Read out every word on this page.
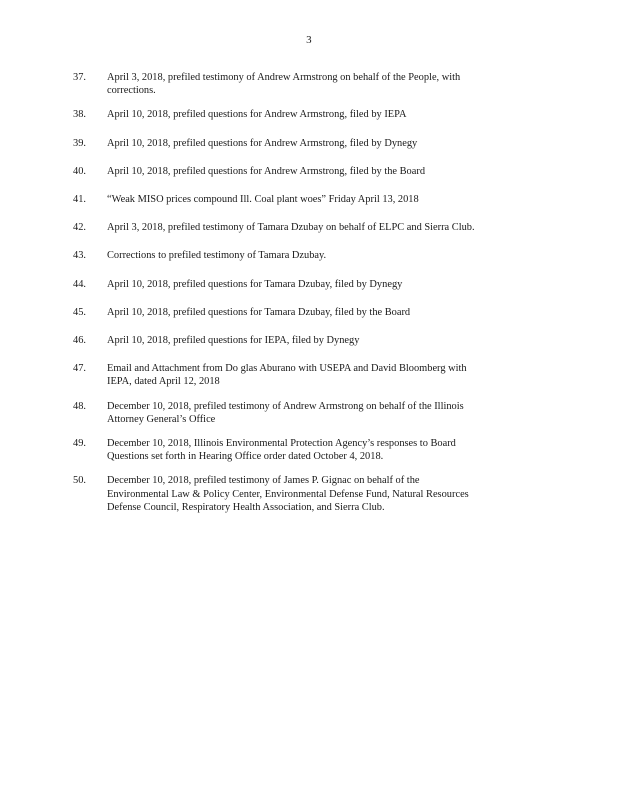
3
37.	April 3, 2018, prefiled testimony of Andrew Armstrong on behalf of the People, with
corrections.
38.	April 10, 2018, prefiled questions for Andrew Armstrong, filed by IEPA
39.	April 10, 2018, prefiled questions for Andrew Armstrong, filed by Dynegy
40.	April 10, 2018, prefiled questions for Andrew Armstrong, filed by the Board
41.	“Weak MISO prices compound Ill. Coal plant woes” Friday April 13, 2018
42.	April 3, 2018, prefiled testimony of Tamara Dzubay on behalf of ELPC and Sierra Club.
43.	Corrections to prefiled testimony of Tamara Dzubay.
44.	April 10, 2018, prefiled questions for Tamara Dzubay, filed by Dynegy
45.	April 10, 2018, prefiled questions for Tamara Dzubay, filed by the Board
46.	April 10, 2018, prefiled questions for IEPA, filed by Dynegy
47.	Email and Attachment from Do glas Aburano with USEPA and David Bloomberg with
IEPA, dated April 12, 2018
48.	December 10, 2018, prefiled testimony of Andrew Armstrong on behalf of the Illinois
Attorney General’s Office
49.	December 10, 2018, Illinois Environmental Protection Agency’s responses to Board
Questions set forth in Hearing Office order dated October 4, 2018.
50.	December 10, 2018, prefiled testimony of James P. Gignac on behalf of the
Environmental Law & Policy Center, Environmental Defense Fund, Natural Resources
Defense Council, Respiratory Health Association, and Sierra Club.
